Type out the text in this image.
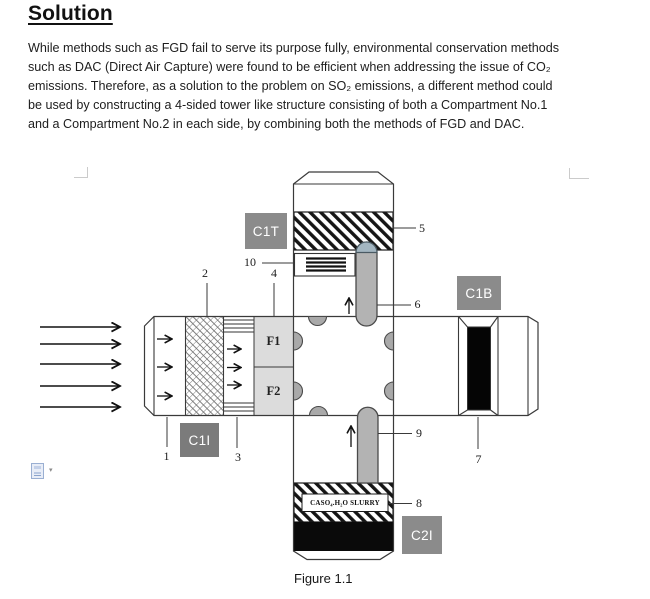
Solution
While methods such as FGD fail to serve its purpose fully, environmental conservation methods
such as DAC (Direct Air Capture) were found to be efficient when addressing the issue of CO₂
emissions. Therefore, as a solution to the problem on SO₂ emissions, a different method could
be used by constructing a 4-sided tower like structure consisting of both a Compartment No.1
and a Compartment No.2 in each side, by combining both the methods of FGD and DAC.
C1T
C1B
C1I
C2I
F1
F2
CASO₄.H₂O SLURRY
1
2
3
4
5
6
7
8
9
10
Figure 1.1
▾
